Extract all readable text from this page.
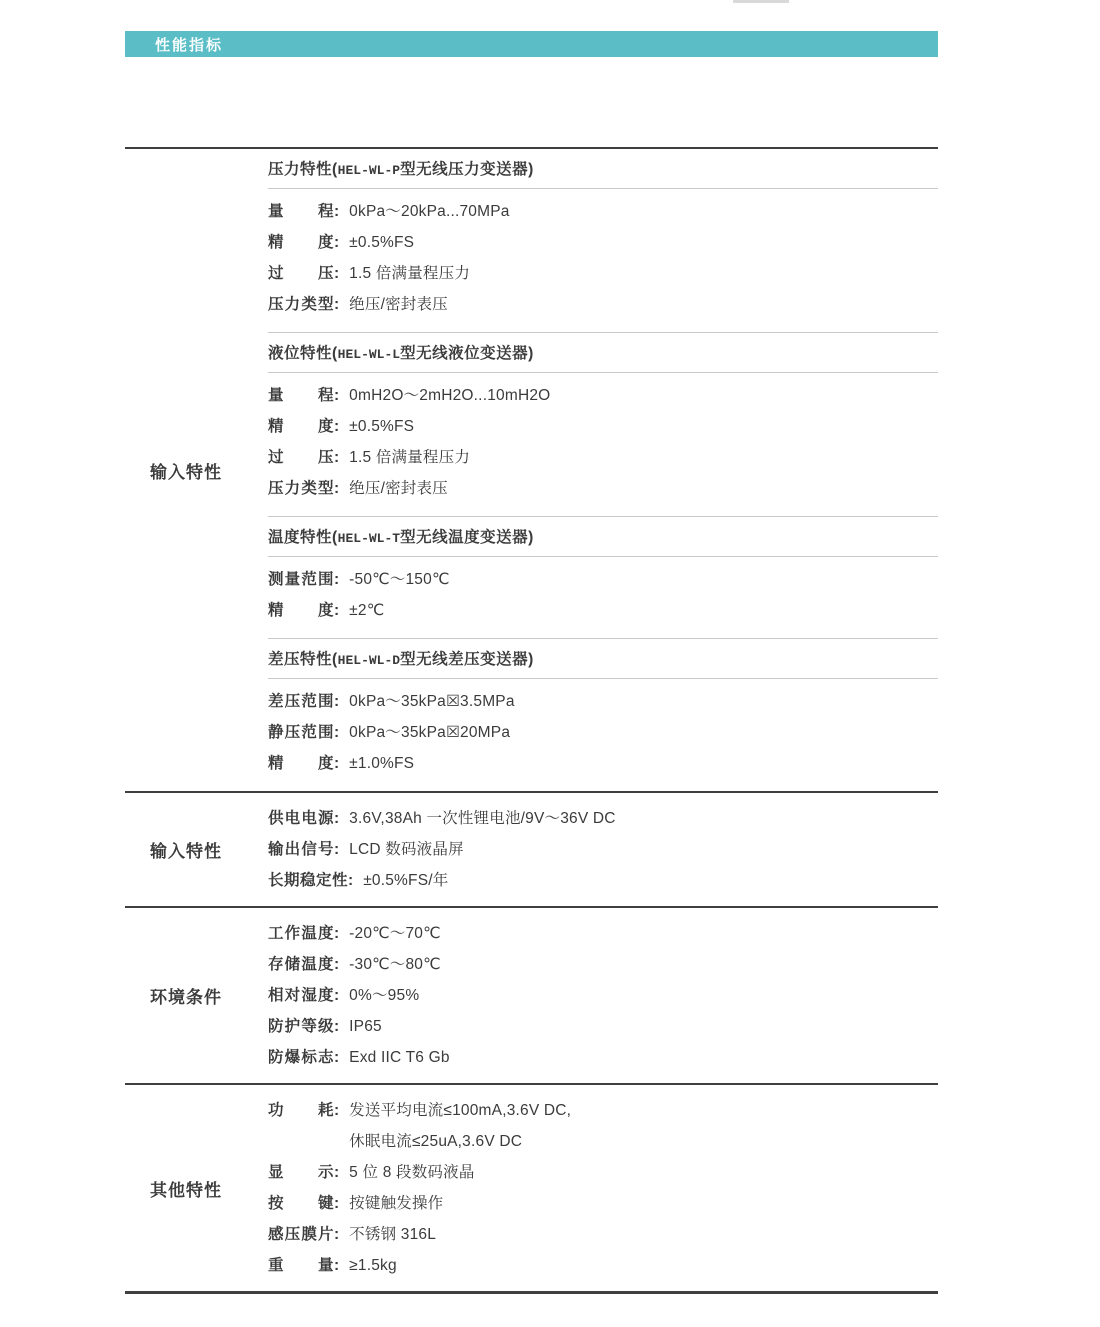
性能指标
输入特性
压力特性(HEL-WL-P型无线压力变送器)
量程: 0kPa～20kPa...70MPa
精度: ±0.5%FS
过压: 1.5 倍满量程压力
压力类型: 绝压/密封表压
液位特性(HEL-WL-L型无线液位变送器)
量程: 0mH2O～2mH2O...10mH2O
精度: ±0.5%FS
过压: 1.5 倍满量程压力
压力类型: 绝压/密封表压
温度特性(HEL-WL-T型无线温度变送器)
测量范围: -50℃～150℃
精度: ±2℃
差压特性(HEL-WL-D型无线差压变送器)
差压范围: 0kPa～35kPa☒3.5MPa
静压范围: 0kPa～35kPa☒20MPa
精度: ±1.0%FS
输入特性
供电电源: 3.6V,38Ah 一次性锂电池/9V～36V DC
输出信号: LCD 数码液晶屏
长期稳定性: ±0.5%FS/年
环境条件
工作温度: -20℃～70℃
存储温度: -30℃～80℃
相对湿度: 0%～95%
防护等级: IP65
防爆标志: Exd IIC T6 Gb
其他特性
功耗: 发送平均电流≤100mA,3.6V DC,
休眠电流≤25uA,3.6V DC
显示: 5 位 8 段数码液晶
按键: 按键触发操作
感压膜片: 不锈钢 316L
重量: ≥1.5kg
